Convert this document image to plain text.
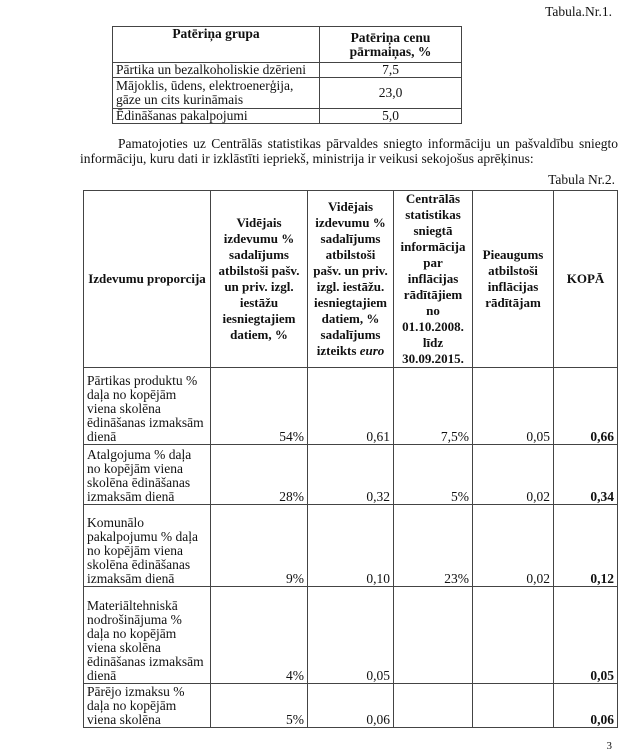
Tabula.Nr.1.
Patēriņa grupa	Patēriņa cenu pārmaiņas, %
Pārtika un bezalkoholiskie dzērieni	7,5
Mājoklis, ūdens, elektroenerģija, gāze un cits kurināmais	23,0
Ēdināšanas pakalpojumi	5,0

Pamatojoties uz Centrālās statistikas pārvaldes sniegto informāciju un pašvaldību sniegto informāciju, kuru dati ir izklāstīti iepriekš, ministrija ir veikusi sekojošus aprēķinus:

Tabula Nr.2.
Izdevumu proporcija	Vidējais izdevumu % sadalījums atbilstoši pašv. un priv. izgl. iestāžu iesniegtajiem datiem, %	Vidējais izdevumu % sadalījums atbilstoši pašv. un priv. izgl. iestāžu. iesniegtajiem datiem, % sadalījums izteikts euro	Centrālās statistikas sniegtā informācija par inflācijas rādītājiem no 01.10.2008. līdz 30.09.2015.	Pieaugums atbilstoši inflācijas rādītājam	KOPĀ
Pārtikas produktu % daļa no kopējām viena skolēna ēdināšanas izmaksām dienā	54%	0,61	7,5%	0,05	0,66
Atalgojuma % daļa no kopējām viena skolēna ēdināšanas izmaksām dienā	28%	0,32	5%	0,02	0,34
Komunālo pakalpojumu % daļa no kopējām viena skolēna ēdināšanas izmaksām dienā	9%	0,10	23%	0,02	0,12
Materiāltehniskā nodrošinājuma % daļa no kopējām viena skolēna ēdināšanas izmaksām dienā	4%	0,05			0,05
Pārējo izmaksu % daļa no kopējām viena skolēna	5%	0,06			0,06
3
